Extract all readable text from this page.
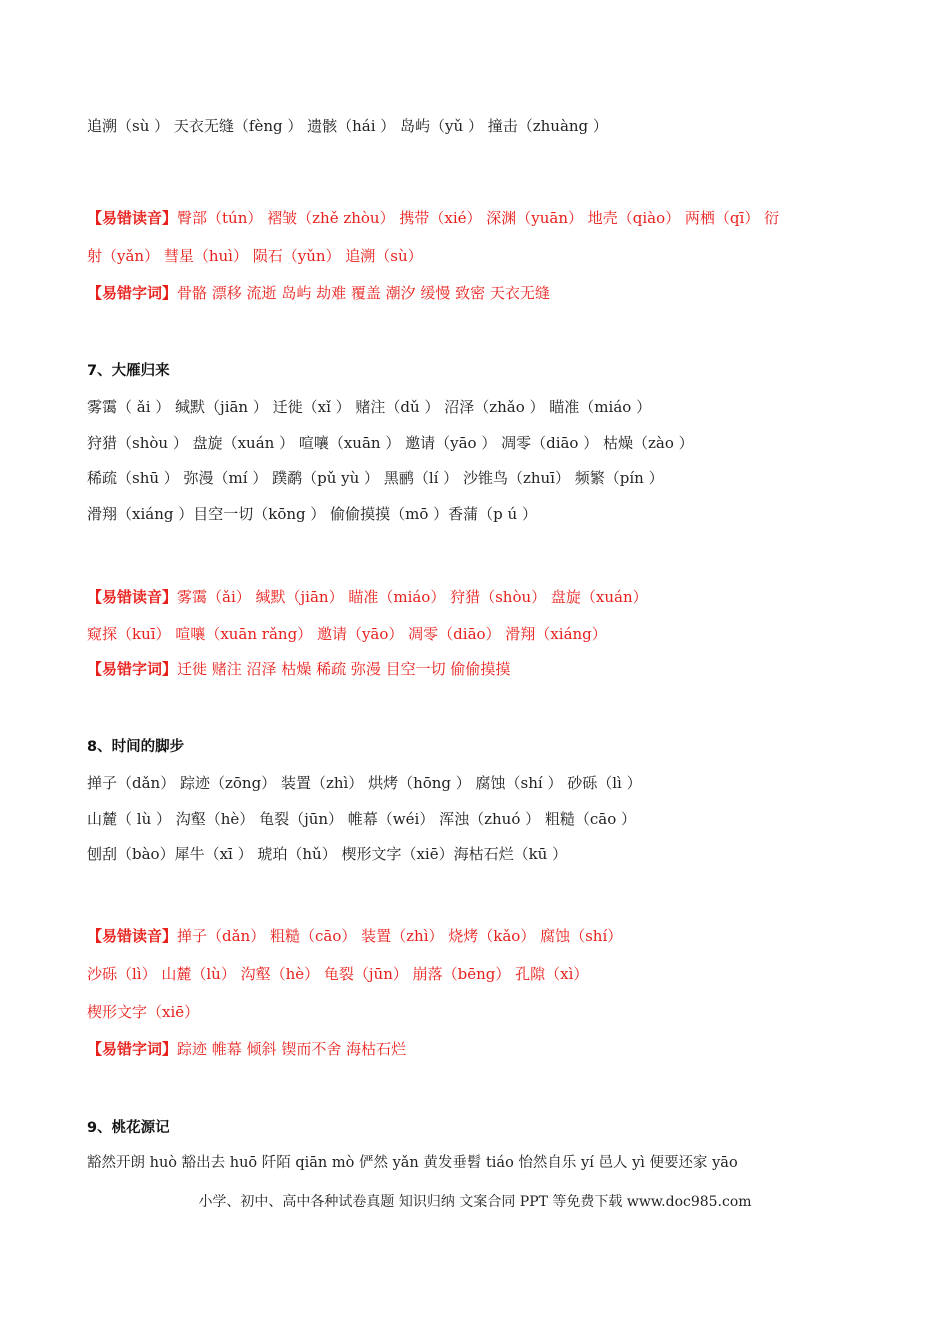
追溯（sù ） 天衣无缝（fèng ） 遗骸（hái ） 岛屿（yǔ ） 撞击（zhuàng ）
【易错读音】臀部（tún） 褶皱（zhě zhòu） 携带（xié） 深渊（yuān） 地壳（qiào） 两栖（qī） 衍
射（yǎn） 彗星（huì） 陨石（yǔn） 追溯（sù）
【易错字词】骨骼 漂移 流逝 岛屿 劫难 覆盖 潮汐 缓慢 致密 天衣无缝
7、大雁归来
雾霭（ ǎi ） 缄默（jiān ） 迁徙（xǐ ） 赌注（dǔ ） 沼泽（zhǎo ） 瞄准（miáo ）
狩猎（shòu ） 盘旋（xuán ） 喧嚷（xuān ） 邀请（yāo ） 凋零（diāo ） 枯燥（zào ）
稀疏（shū ） 弥漫（mí ） 蹼鹬（pǔ yù ） 黑鹂（lí ） 沙锥鸟（zhuī） 频繁（pín ）
滑翔（xiáng ）目空一切（kōng ） 偷偷摸摸（mō ）香蒲（p ú ）
【易错读音】雾霭（ǎi） 缄默（jiān） 瞄准（miáo） 狩猎（shòu） 盘旋（xuán）
窥探（kuī） 喧嚷（xuān rǎng） 邀请（yāo） 凋零（diāo） 滑翔（xiáng）
【易错字词】迁徙 赌注 沼泽 枯燥 稀疏 弥漫 目空一切 偷偷摸摸
8、时间的脚步
掸子（dǎn） 踪迹（zōng） 装置（zhì） 烘烤（hōng ） 腐蚀（shí ） 砂砾（lì ）
山麓（ lù ） 沟壑（hè） 龟裂（jūn） 帷幕（wéi） 浑浊（zhuó ） 粗糙（cāo ）
刨刮（bào）犀牛（xī ） 琥珀（hǔ） 楔形文字（xiē）海枯石烂（kū ）
【易错读音】掸子（dǎn） 粗糙（cāo） 装置（zhì） 烧烤（kǎo） 腐蚀（shí）
沙砾（lì） 山麓（lù） 沟壑（hè） 龟裂（jūn） 崩落（bēng） 孔隙（xì）
楔形文字（xiē）
【易错字词】踪迹 帷幕 倾斜 锲而不舍 海枯石烂
9、桃花源记
豁然开朗 huò 豁出去 huō 阡陌 qiān mò 俨然 yǎn 黄发垂髫 tiáo 怡然自乐 yí 邑人 yì 便要还家 yāo
小学、初中、高中各种试卷真题 知识归纳 文案合同 PPT 等免费下载 www.doc985.com
